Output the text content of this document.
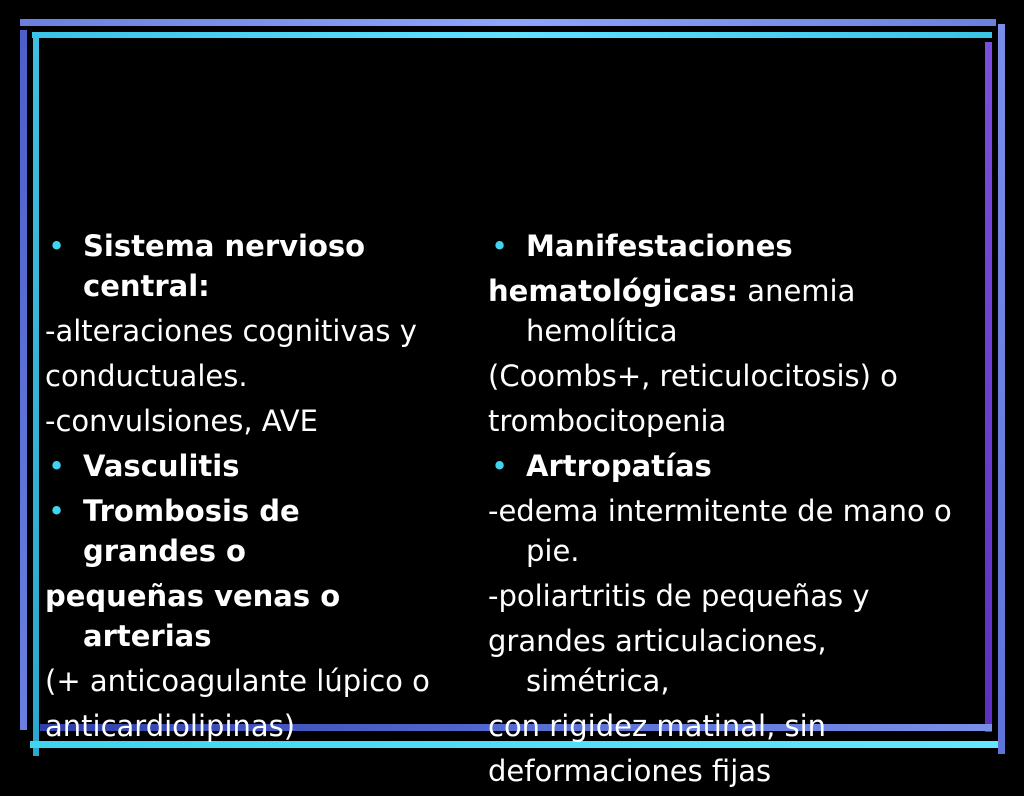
• Sistema nervioso
central:
-alteraciones cognitivas y
conductuales.
-convulsiones, AVE
• Vasculitis
• Trombosis de
grandes o
pequeñas venas o
arterias
(+ anticoagulante lúpico o
anticardiolipinas)
• Manifestaciones
hematológicas: anemia
hemolítica
(Coombs+, reticulocitosis) o
trombocitopenia
• Artropatías
-edema intermitente de mano o
pie.
-poliartritis de pequeñas y
grandes articulaciones,
simétrica,
con rigidez matinal, sin
deformaciones fijas
